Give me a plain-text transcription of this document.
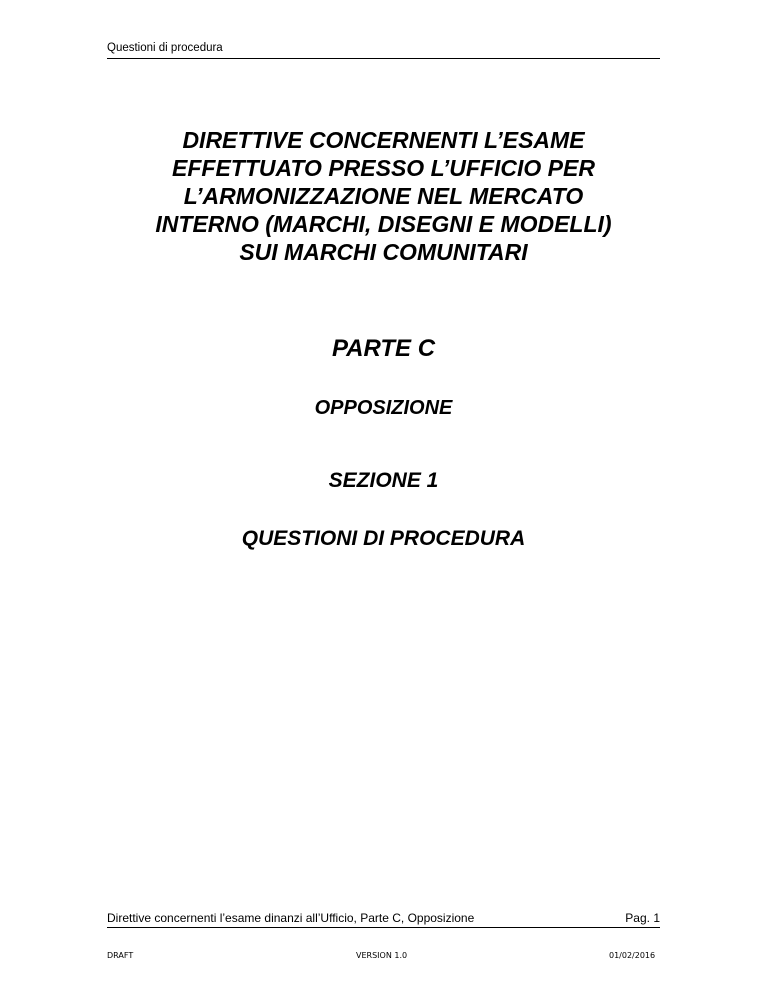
Questioni di procedura
DIRETTIVE CONCERNENTI L’ESAME
EFFETTUATO PRESSO L’UFFICIO PER
L’ARMONIZZAZIONE NEL MERCATO
INTERNO (MARCHI, DISEGNI E MODELLI)
SUI MARCHI COMUNITARI
PARTE C
OPPOSIZIONE
SEZIONE 1
QUESTIONI DI PROCEDURA
Direttive concernenti l’esame dinanzi all’Ufficio, Parte C, Opposizione	Pag. 1
DRAFT	VERSION 1.0	01/02/2016
